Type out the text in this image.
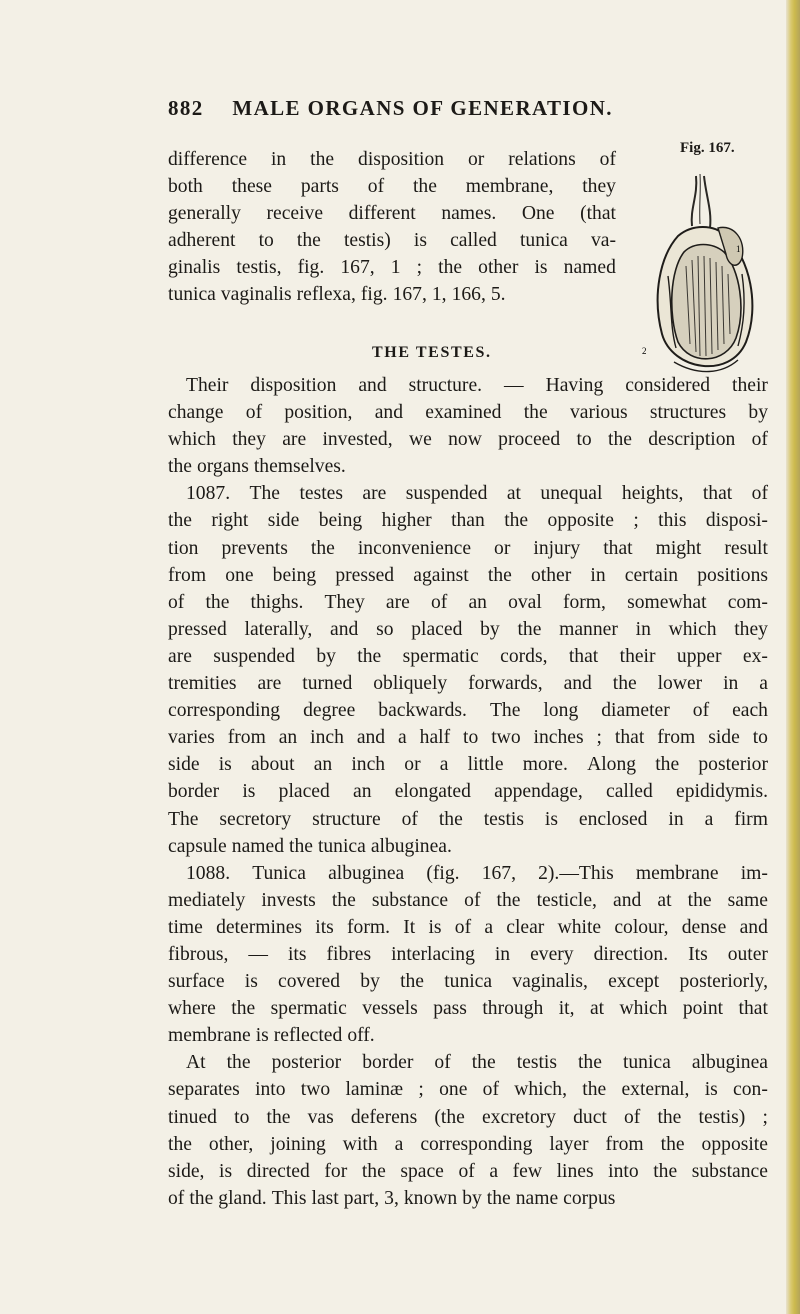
882 MALE ORGANS OF GENERATION.
difference in the disposition or relations of
both these parts of the membrane, they
generally receive different names. One (that
adherent to the testis) is called tunica va-
ginalis testis, fig. 167, 1 ; the other is named
tunica vaginalis reflexa, fig. 167, 1, 166, 5.
Fig. 167.
1
2
THE TESTES.
Their disposition and structure. — Having considered their
change of position, and examined the various structures by
which they are invested, we now proceed to the description of
the organs themselves.
1087. The testes are suspended at unequal heights, that of
the right side being higher than the opposite ; this disposi-
tion prevents the inconvenience or injury that might result
from one being pressed against the other in certain positions
of the thighs. They are of an oval form, somewhat com-
pressed laterally, and so placed by the manner in which they
are suspended by the spermatic cords, that their upper ex-
tremities are turned obliquely forwards, and the lower in a
corresponding degree backwards. The long diameter of each
varies from an inch and a half to two inches ; that from side to
side is about an inch or a little more. Along the posterior
border is placed an elongated appendage, called epididymis.
The secretory structure of the testis is enclosed in a firm
capsule named the tunica albuginea.
1088. Tunica albuginea (fig. 167, 2).—This membrane im-
mediately invests the substance of the testicle, and at the same
time determines its form. It is of a clear white colour, dense and
fibrous, — its fibres interlacing in every direction. Its outer
surface is covered by the tunica vaginalis, except posteriorly,
where the spermatic vessels pass through it, at which point that
membrane is reflected off.
At the posterior border of the testis the tunica albuginea
separates into two laminæ ; one of which, the external, is con-
tinued to the vas deferens (the excretory duct of the testis) ;
the other, joining with a corresponding layer from the opposite
side, is directed for the space of a few lines into the substance
of the gland. This last part, 3, known by the name corpus
